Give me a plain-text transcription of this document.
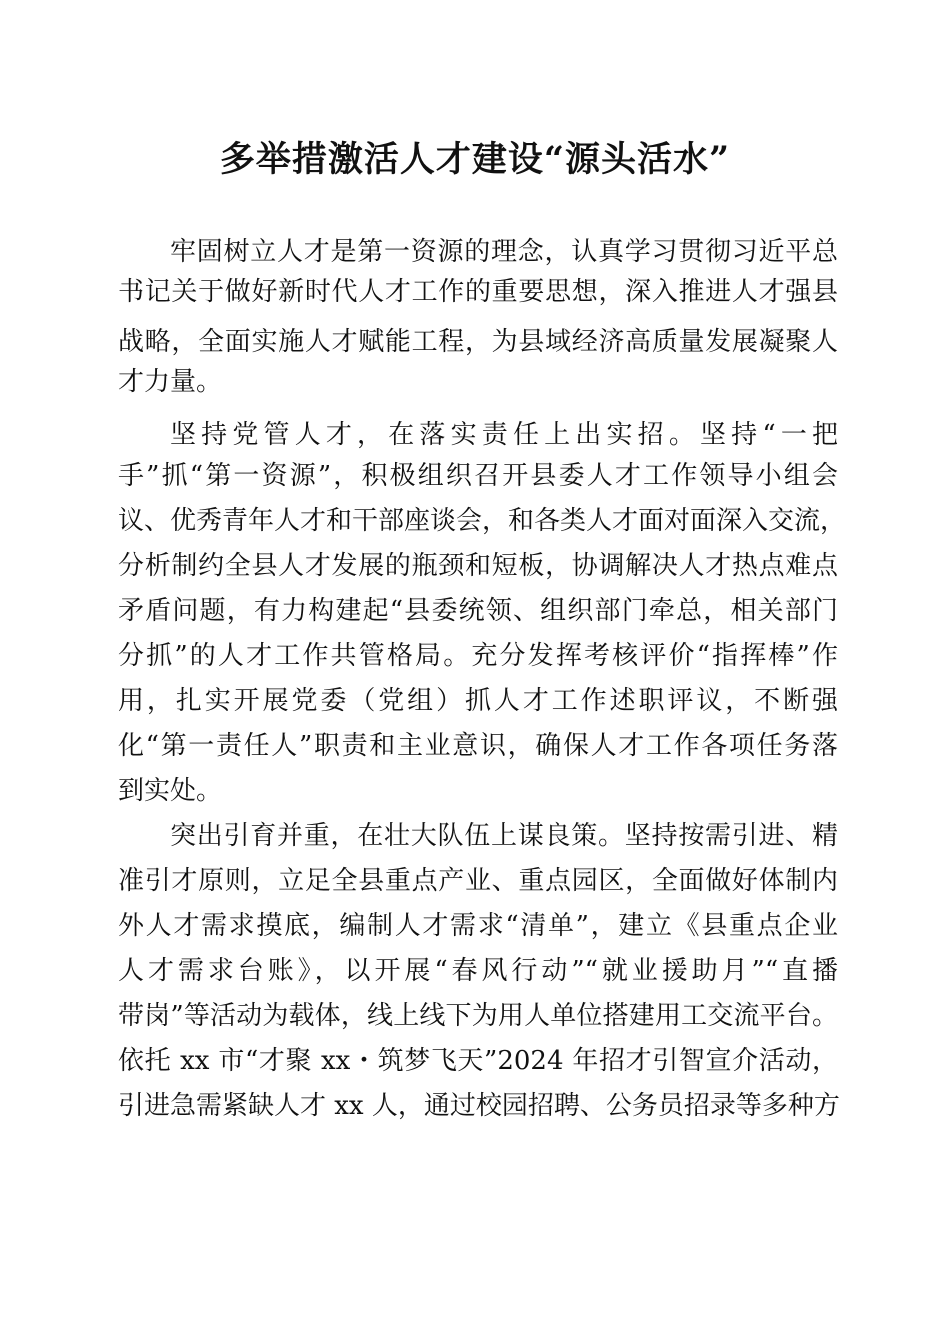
多举措激活人才建设“源头活水”

牢固树立人才是第一资源的理念，认真学习贯彻习近平总

书记关于做好新时代人才工作的重要思想，深入推进人才强县

战略，全面实施人才赋能工程，为县域经济高质量发展凝聚人

才力量。

坚持党管人才，在落实责任上出实招。坚持“一把

手”抓“第一资源”，积极组织召开县委人才工作领导小组会

议、优秀青年人才和干部座谈会，和各类人才面对面深入交流，

分析制约全县人才发展的瓶颈和短板，协调解决人才热点难点

矛盾问题，有力构建起“县委统领、组织部门牵总，相关部门

分抓”的人才工作共管格局。充分发挥考核评价“指挥棒”作

用，扎实开展党委（党组）抓人才工作述职评议，不断强

化“第一责任人”职责和主业意识，确保人才工作各项任务落

到实处。

突出引育并重，在壮大队伍上谋良策。坚持按需引进、精

准引才原则，立足全县重点产业、重点园区，全面做好体制内

外人才需求摸底，编制人才需求“清单”，建立《县重点企业

人才需求台账》，以开展“春风行动”“就业援助月”“直播

带岗”等活动为载体，线上线下为用人单位搭建用工交流平台。

依托 xx 市“才聚 xx・筑梦飞天”2024 年招才引智宣介活动，

引进急需紧缺人才 xx 人，通过校园招聘、公务员招录等多种方
